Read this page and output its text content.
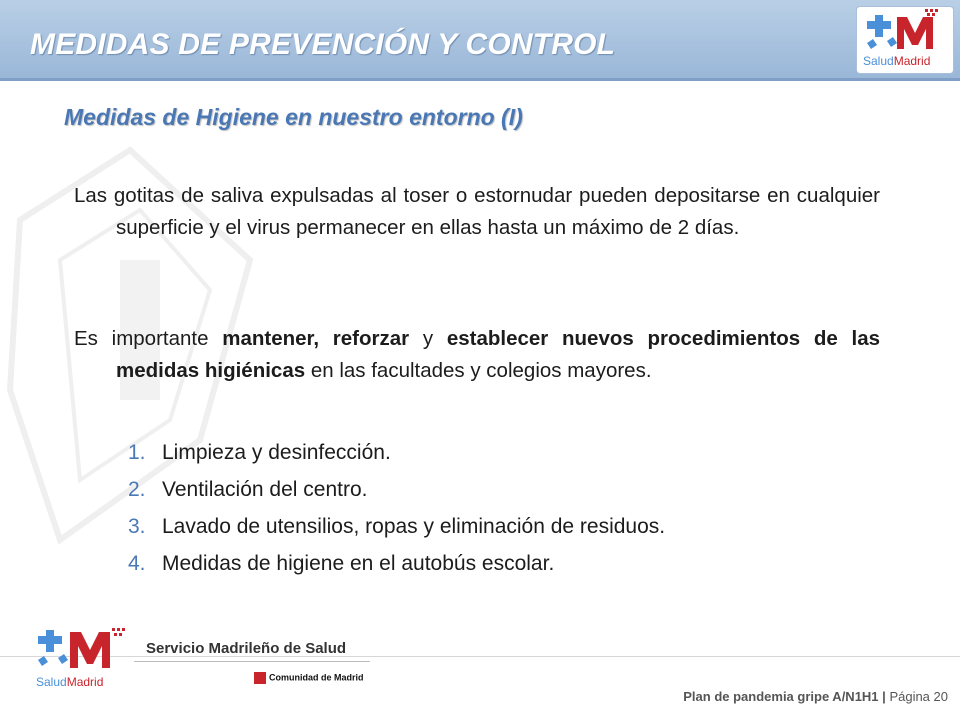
MEDIDAS DE PREVENCIÓN Y CONTROL	SaludMadrid
Medidas de Higiene en nuestro entorno (I)
Las gotitas de saliva expulsadas al toser o estornudar pueden depositarse en cualquier superficie y el virus permanecer en ellas hasta un máximo de 2 días.
Es importante mantener, reforzar y establecer nuevos procedimientos de las medidas higiénicas en las facultades y colegios mayores.
1. Limpieza y desinfección.
2. Ventilación del centro.
3. Lavado de utensilios, ropas y eliminación de residuos.
4. Medidas de higiene en el autobús escolar.
SaludMadrid
Servicio Madrileño de Salud
Comunidad de Madrid
Plan de pandemia gripe A/N1H1 | Página 20
